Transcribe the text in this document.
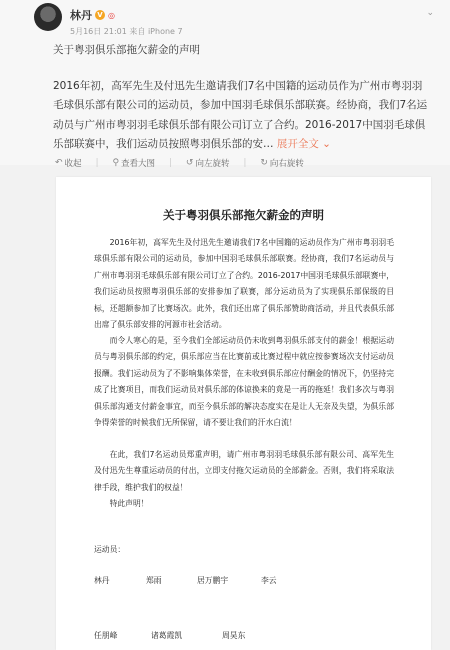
林丹 V ◎
5月16日 21:01 来自 iPhone 7
⌄
关于粤羽俱乐部拖欠薪金的声明
2016年初，高军先生及付迅先生邀请我们7名中国籍的运动员作为广州市粤羽羽毛球俱乐部有限公司的运动员，参加中国羽毛球俱乐部联赛。经协商，我们7名运动员与广州市粤羽羽毛球俱乐部有限公司订立了合约。2016-2017中国羽毛球俱乐部联赛中，我们运动员按照粤羽俱乐部的安… 展开全文 ⌄
↶ 收起 | ⚲ 查看大图 | ↺ 向左旋转 | ↻ 向右旋转
关于粤羽俱乐部拖欠薪金的声明
2016年初，高军先生及付迅先生邀请我们7名中国籍的运动员作为广州市粤羽羽毛球俱乐部有限公司的运动员，参加中国羽毛球俱乐部联赛。经协商，我们7名运动员与广州市粤羽羽毛球俱乐部有限公司订立了合约。2016-2017中国羽毛球俱乐部联赛中，我们运动员按照粤羽俱乐部的安排参加了联赛，部分运动员为了实现俱乐部保级的目标，还超额参加了比赛场次。此外，我们还出席了俱乐部赞助商活动，并且代表俱乐部出席了俱乐部安排的河源市社会活动。
而令人寒心的是，至今我们全部运动员仍未收到粤羽俱乐部支付的薪金！根据运动员与粤羽俱乐部的约定，俱乐部应当在比赛前或比赛过程中就应按参赛场次支付运动员报酬。我们运动员为了不影响集体荣誉，在未收到俱乐部应付酬金的情况下，仍坚持完成了比赛项目，而我们运动员对俱乐部的体谅换来的竟是一再的拖延！我们多次与粤羽俱乐部沟通支付薪金事宜，而至今俱乐部的解决态度实在是让人无奈及失望，为俱乐部争得荣誉的时候我们无所保留，请不要让我们的汗水白流！
在此，我们7名运动员郑重声明，请广州市粤羽羽毛球俱乐部有限公司、高军先生及付迅先生尊重运动员的付出，立即支付拖欠运动员的全部薪金。否则，我们将采取法律手段，维护我们的权益！
特此声明！
运动员：
林丹	郑雨	居万鹏宇	李云
任朋峰	诸葛霞凯	周昊东
